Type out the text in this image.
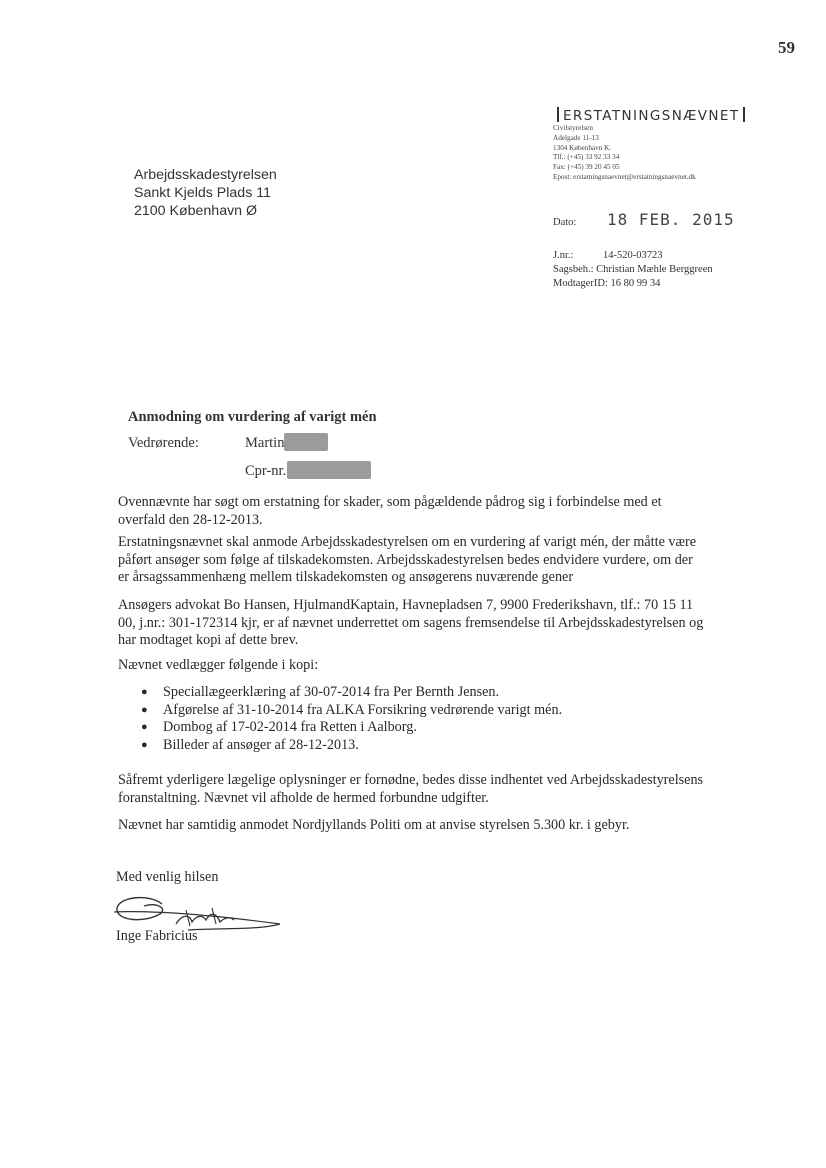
59
ERSTATNINGSNÆVNET
Civilstyrelsen
Adelgade 11-13
1304 København K.
Tlf.: (+45) 33 92 33 34
Fax: (+45) 39 20 45 05
Epost: erstatningsnaevnet@erstatningsnaevnet.dk
Arbejdsskadestyrelsen
Sankt Kjelds Plads 11
2100 København Ø
Dato: 18 FEB. 2015
J.nr.:	14-520-03723
Sagsbeh.: Christian Mæhle Berggreen
ModtagerID: 16 80 99 34
Anmodning om vurdering af varigt mén
Vedrørende:	Martin
Cpr-nr.
Ovennævnte har søgt om erstatning for skader, som pågældende pådrog sig i forbindelse med et overfald den 28-12-2013.
Erstatningsnævnet skal anmode Arbejdsskadestyrelsen om en vurdering af varigt mén, der måtte være påført ansøger som følge af tilskadekomsten. Arbejdsskadestyrelsen bedes endvidere vurdere, om der er årsagssammenhæng mellem tilskadekomsten og ansøgerens nuværende gener
Ansøgers advokat Bo Hansen, HjulmandKaptain, Havnepladsen 7, 9900 Frederikshavn, tlf.: 70 15 11 00, j.nr.: 301-172314 kjr, er af nævnet underrettet om sagens fremsendelse til Arbejdsskadestyrelsen og har modtaget kopi af dette brev.
Nævnet vedlægger følgende i kopi:
● Speciallægeerklæring af 30-07-2014 fra Per Bernth Jensen.
● Afgørelse af 31-10-2014 fra ALKA Forsikring vedrørende varigt mén.
● Dombog af 17-02-2014 fra Retten i Aalborg.
● Billeder af ansøger af 28-12-2013.
Såfremt yderligere lægelige oplysninger er fornødne, bedes disse indhentet ved Arbejdsskadestyrelsens foranstaltning. Nævnet vil afholde de hermed forbundne udgifter.
Nævnet har samtidig anmodet Nordjyllands Politi om at anvise styrelsen 5.300 kr. i gebyr.
Med venlig hilsen
Inge Fabricius
